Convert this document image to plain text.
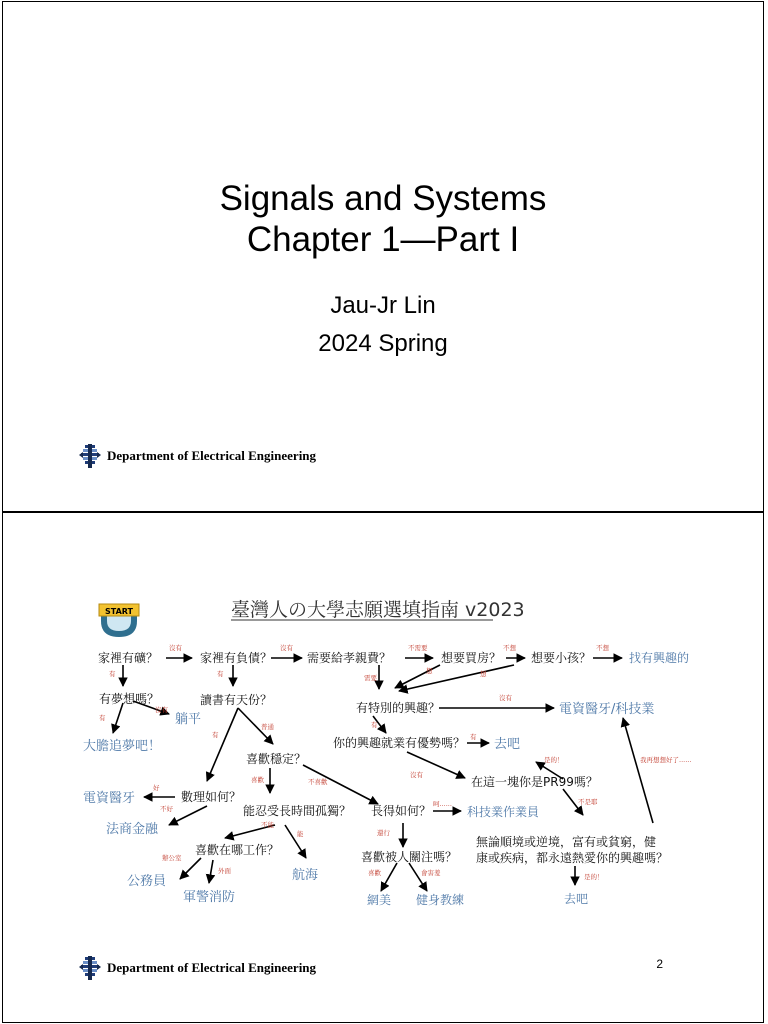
Signals and Systems
Chapter 1—Part I
Jau-Jr Lin
2024 Spring
Department of Electrical Engineering
START	臺灣人の大學志願選填指南 v2023
家裡有礦？	家裡有負債？	需要給孝親費？	想要買房？ 想要小孩？	找有興趣的
有夢想嗎？	讀書有天份？
有特別的興趣？	電資醫牙/科技業
躺平
大膽追夢吧！	你的興趣就業有優勢嗎？ 去吧
喜歡穩定？
在這一塊你是PR99嗎？
電資醫牙	數理如何？
能忍受長時間孤獨？ 長得如何？	科技業作業員
法商金融
無論順境或逆境，富有或貧窮，健
康或疾病，都永遠熱愛你的興趣嗎？
喜歡在哪工作？	喜歡被人關注嗎？
航海
公務員
軍警消防	網美 健身教練	去吧
沒有	沒有	不需要	不想	不想
有	有	想	想
需要
有
沒有
沒有
有
普通
有	有
是的！	我再想想好了......
沒有
喜歡	不喜歡
好
不好
不是耶
呵......
不能
能	還行
辦公室
外面	喜歡	會害羞	是的！
Department of Electrical Engineering	2
